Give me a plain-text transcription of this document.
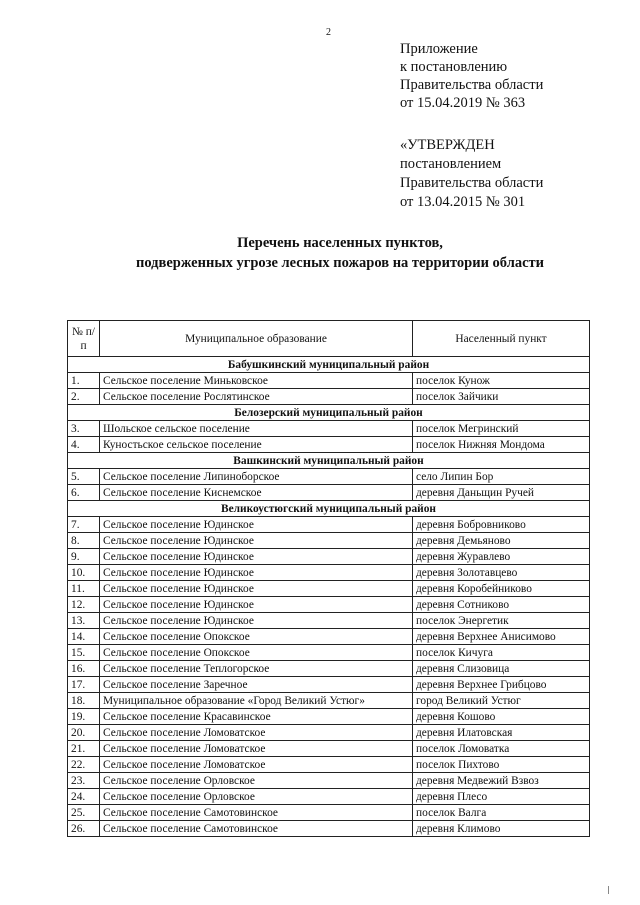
2
Приложение
к постановлению
Правительства области
от 15.04.2019 № 363
«УТВЕРЖДЕН
постановлением
Правительства области
от 13.04.2015 № 301
Перечень населенных пунктов,
подверженных угрозе лесных пожаров на территории области
№ п/п	Муниципальное образование	Населенный пункт
Бабушкинский муниципальный район		
1.	Сельское поселение Миньковское	поселок Кунож
2.	Сельское поселение Рослятинское	поселок Зайчики
Белозерский муниципальный район		
3.	Шольское сельское поселение	поселок Мегринский
4.	Куностьское сельское поселение	поселок Нижняя Мондома
Вашкинский муниципальный район		
5.	Сельское поселение Липиноборское	село Липин Бор
6.	Сельское поселение Киснемское	деревня Даньщин Ручей
Великоустюгский муниципальный район		
7.	Сельское поселение Юдинское	деревня Бобровниково
8.	Сельское поселение Юдинское	деревня Демьяново
9.	Сельское поселение Юдинское	деревня Журавлево
10.	Сельское поселение Юдинское	деревня Золотавцево
11.	Сельское поселение Юдинское	деревня Коробейниково
12.	Сельское поселение Юдинское	деревня Сотниково
13.	Сельское поселение Юдинское	поселок Энергетик
14.	Сельское поселение Опокское	деревня Верхнее Анисимово
15.	Сельское поселение Опокское	поселок Кичуга
16.	Сельское поселение Теплогорское	деревня Слизовица
17.	Сельское поселение Заречное	деревня Верхнее Грибцово
18.	Муниципальное образование «Город Великий Устюг»	город Великий Устюг
19.	Сельское поселение Красавинское	деревня Кошово
20.	Сельское поселение Ломоватское	деревня Илатовская
21.	Сельское поселение Ломоватское	поселок Ломоватка
22.	Сельское поселение Ломоватское	поселок Пихтово
23.	Сельское поселение Орловское	деревня Медвежий Взвоз
24.	Сельское поселение Орловское	деревня Плесо
25.	Сельское поселение Самотовинское	поселок Валга
26.	Сельское поселение Самотовинское	деревня Климово
